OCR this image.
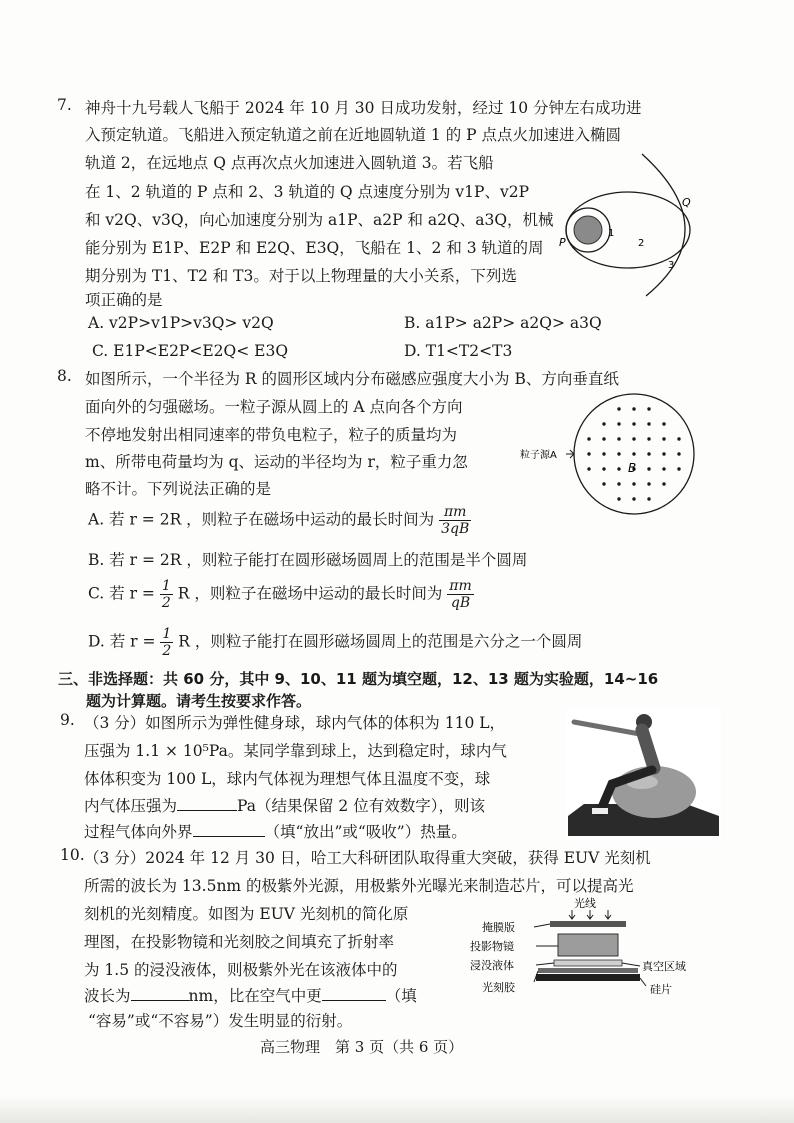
7. 神舟十九号载人飞船于 2024 年 10 月 30 日成功发射，经过 10 分钟左右成功进
入预定轨道。飞船进入预定轨道之前在近地圆轨道 1 的 P 点点火加速进入椭圆
轨道 2，在远地点 Q 点再次点火加速进入圆轨道 3。若飞船
在 1、2 轨道的 P 点和 2、3 轨道的 Q 点速度分别为 v1P、v2P
和 v2Q、v3Q，向心加速度分别为 a1P、a2P 和 a2Q、a3Q，机械
能分别为 E1P、E2P 和 E2Q、E3Q，飞船在 1、2 和 3 轨道的周
期分别为 T1、T2 和 T3。对于以上物理量的大小关系，下列选
项正确的是
A. v2P>v1P>v3Q> v2Q	B. a1P> a2P> a2Q> a3Q
C. E1P<E2P<E2Q< E3Q	D. T1<T2<T3
Q
P
1
2
3
8. 如图所示，一个半径为 R 的圆形区域内分布磁感应强度大小为 B、方向垂直纸
面向外的匀强磁场。一粒子源从圆上的 A 点向各个方向
不停地发射出相同速率的带负电粒子，粒子的质量均为
m、所带电荷量均为 q、运动的半径均为 r，粒子重力忽
略不计。下列说法正确的是
A. 若 r = 2R ，则粒子在磁场中运动的最长时间为 $\frac{\pi m}{3qB}$
B. 若 r = 2R ，则粒子能打在圆形磁场圆周上的范围是半个圆周
C. 若 $r = \frac{1}{2}$ R ，则粒子在磁场中运动的最长时间为 $\frac{\pi m}{qB}$
D. 若 $r = \frac{1}{2}$ R ，则粒子能打在圆形磁场圆周上的范围是六分之一个圆周
粒子源A
B
三、非选择题：共 60 分，其中 9、10、11 题为填空题，12、13 题为实验题，14~16
题为计算题。请考生按要求作答。
9. （3 分）如图所示为弹性健身球，球内气体的体积为 110 L，
压强为 1.1 × 10⁵Pa。某同学靠到球上，达到稳定时，球内气
体体积变为 100 L，球内气体视为理想气体且温度不变，球
内气体压强为	Pa（结果保留 2 位有效数字），则该
过程气体向外界	（填“放出”或“吸收”）热量。
10. （3 分）2024 年 12 月 30 日，哈工大科研团队取得重大突破，获得 EUV 光刻机
所需的波长为 13.5nm 的极紫外光源，用极紫外光曝光来制造芯片，可以提高光
刻机的光刻精度。如图为 EUV 光刻机的简化原
理图，在投影物镜和光刻胶之间填充了折射率
为 1.5 的浸没液体，则极紫外光在该液体中的
波长为	nm，比在空气中更	（填
“容易”或“不容易”）发生明显的衍射。
光线
掩膜版
投影物镜
浸没液体
光刻胶
真空区域
硅片
高三物理　第 3 页（共 6 页）
